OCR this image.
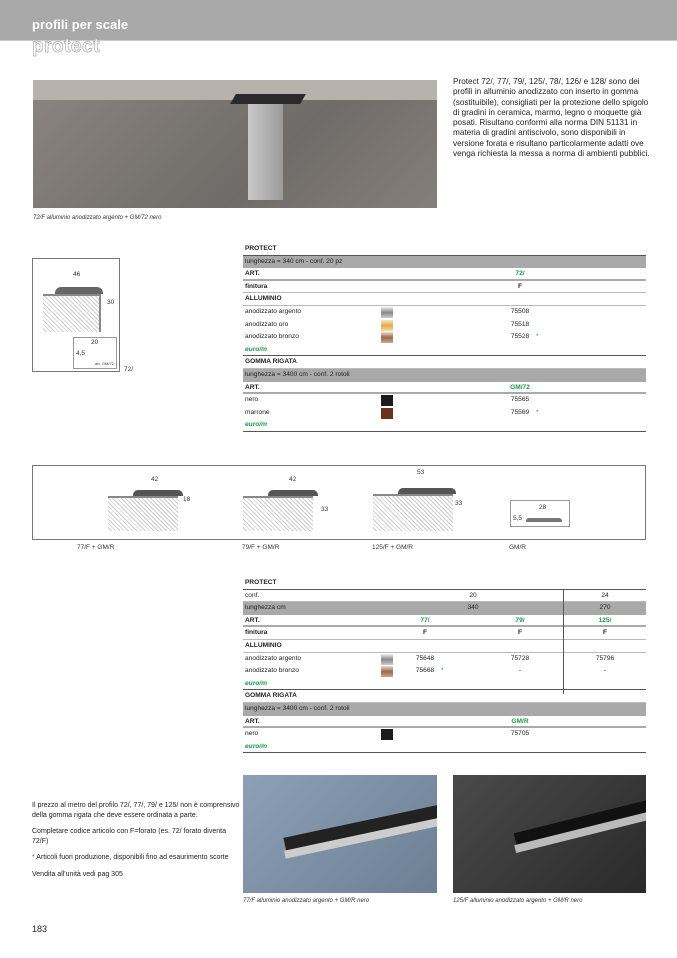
profili per scale
protect
72/F alluminio anodizzato argento + GM/72 nero
Protect 72/, 77/, 79/, 125/, 78/, 126/ e 128/ sono dei profili in alluminio anodizzato con inserto in gomma (sostituibile), consigliati per la protezione dello spigolo di gradini in ceramica, marmo, legno o moquette già posati. Risultano conformi alla norma DIN 51131 in materia di gradini antiscivolo, sono disponibili in versione forata e risultano particolarmente adatti ove venga richiesta la messa a norma di ambienti pubblici.
46
30
20
4,5
art. GM/72
72/
PROTECT
lunghezza = 340 cm - conf. 20 pz
ART.	72/
finitura	F
ALLUMINIO
anodizzato argento	75508
anodizzato oro	75518
anodizzato bronzo	75528 *
euro/m
GOMMA RIGATA
lunghezza = 3400 cm - conf. 2 rotoli
ART.	GM/72
nero	75565
marrone	75569 *
euro/m
42
18
42
33
53
33
28
5,5
77/F + GM/R	79/F + GM/R	125/F + GM/R	GM/R
PROTECT
conf.	20	24
lunghezza cm	340	270
ART.	77/	79/	125/
finitura	F	F	F
ALLUMINIO
anodizzato argento	75648	75728	75796
anodizzato bronzo	75668 *	-	-
euro/m
GOMMA RIGATA
lunghezza = 3400 cm - conf. 2 rotoli
ART.	GM/R
nero	75705
euro/m

Il prezzo al metro del profilo 72/, 77/, 79/ e 125/ non è comprensivo della gomma rigata che deve essere ordinata a parte.

Completare codice articolo con F=forato (es. 72/ forato diventa 72/F)

* Articoli fuori produzione, disponibili fino ad esaurimento scorte

Vendita all'unità vedi pag 305

183
77/F alluminio anodizzato argento + GM/R nero	125/F alluminio anodizzato argento + GM/R nero
